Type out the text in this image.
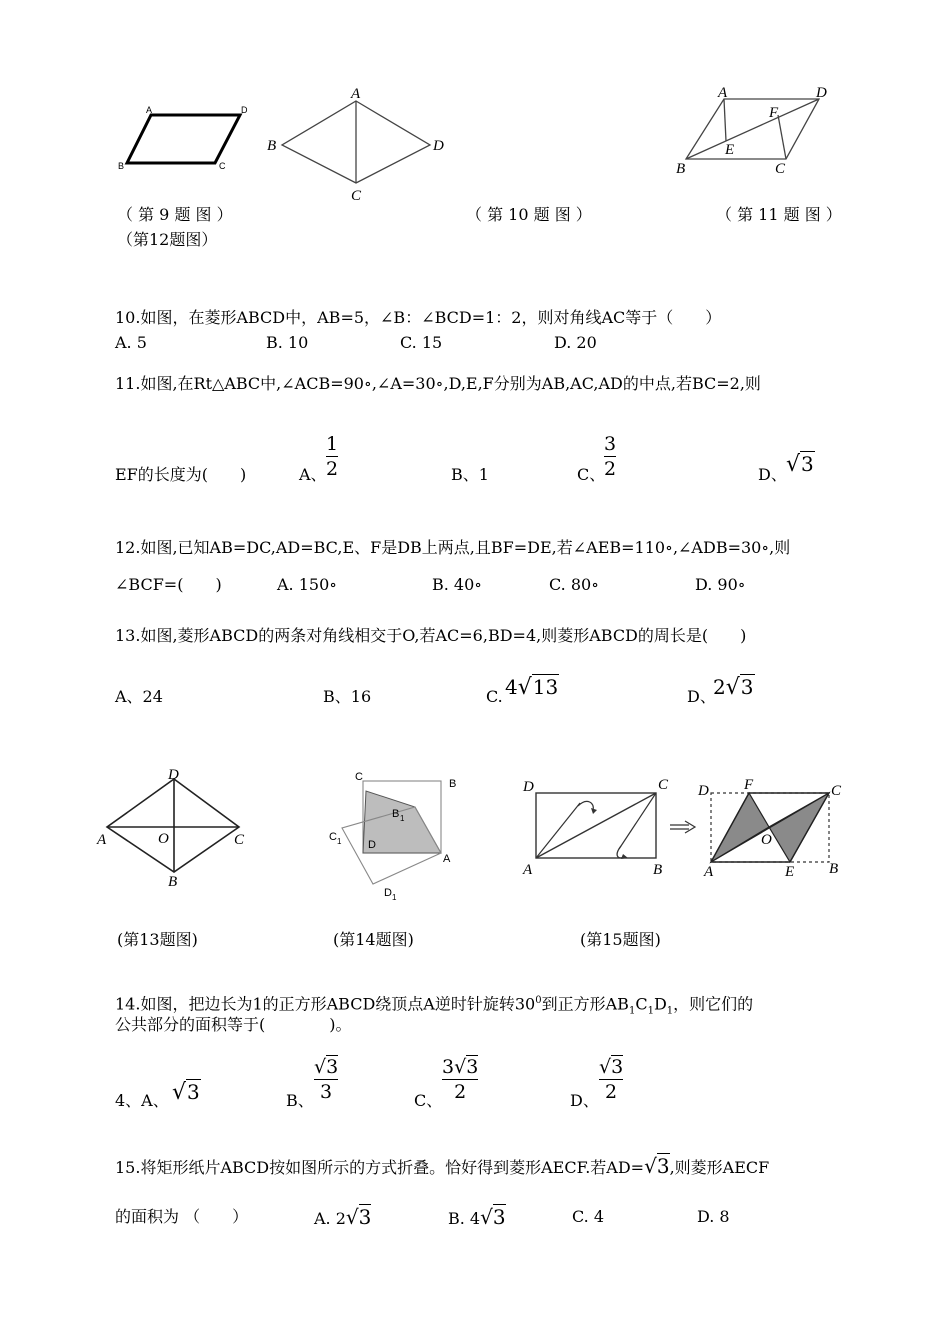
A	D
B	C
A
B	D
C
A	D
B	C
E
F
（ 第 9 题 图 ）
（第12题图）
（ 第 10 题 图 ）	（ 第 11 题 图 ）
10.如图，在菱形ABCD中，AB=5，∠B：∠BCD=1：2，则对角线AC等于（　　）
A. 5	B. 10	C. 15	D. 20
11.如图,在Rt△ABC中,∠ACB=90∘,∠A=30∘,D,E,F分别为AB,AC,AD的中点,若BC=2,则
EF的长度为(　　)	A、
1
2	B、1	C、
3
2	D、 √3
12.如图,已知AB=DC,AD=BC,E、F是DB上两点,且BF=DE,若∠AEB=110∘,∠ADB=30∘,则
∠BCF=(　　)	A. 150∘	B. 40∘	C. 80∘	D. 90∘
13.如图,菱形ABCD的两条对角线相交于O,若AC=6,BD=4,则菱形ABCD的周长是(　　)
A、24	B、16	C. 4√13	D、
2√3
D
A	C
O
B
C
B
B 1
C 1 D
A
D 1
D	C
A	B
D F	C
O
A	E B
(第13题图)	(第14题图)	(第15题图)
14.如图，把边长为1的正方形ABCD绕顶点A逆时针旋转$30^0$到正方形$AB_1C_1D_1$，则它们的
公共部分的面积等于(　　　　)。
4、A、 √3	B、
√3
3	C、
3√3
2	D、
√3
2
15.将矩形纸片ABCD按如图所示的方式折叠。恰好得到菱形AECF.若AD=√3,则菱形AECF
的面积为 （　　）	A. 2√3	B. 4√3	C. 4	D. 8
